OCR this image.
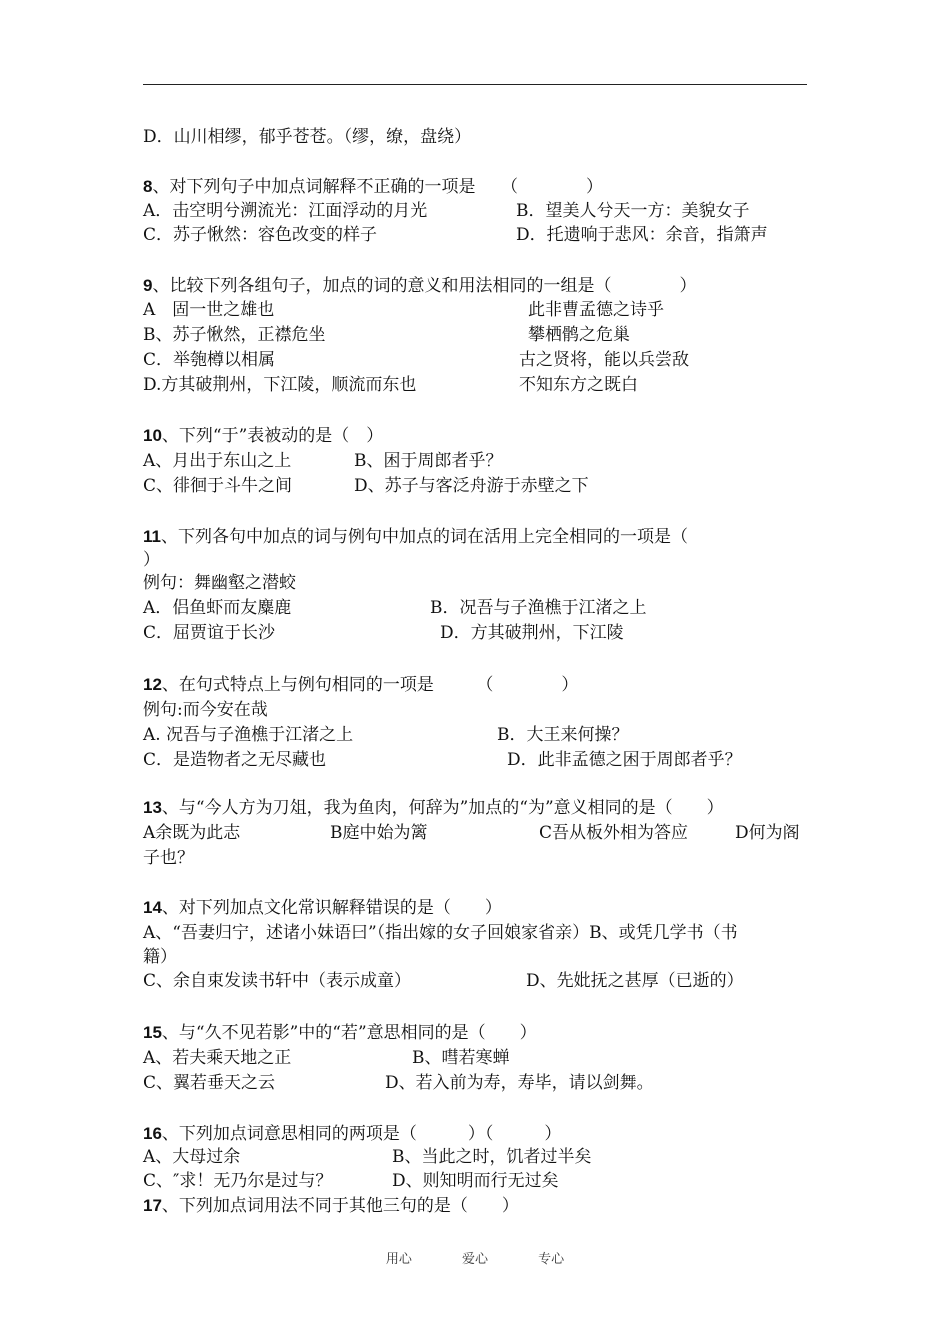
D．山川相缪，郁乎苍苍。（缪，缭，盘绕）
8、对下列句子中加点词解释不正确的一项是　　（　　　　）
A．击空明兮溯流光：江面浮动的月光	B．望美人兮天一方：美貌女子
C．苏子愀然：容色改变的样子	D．托遗响于悲风：余音，指箫声
9、比较下列各组句子，加点的词的意义和用法相同的一组是（　　　　）
A　固一世之雄也	此非曹孟德之诗乎
B、苏子愀然，正襟危坐	攀栖鹘之危巢
C．举匏樽以相属	古之贤将，能以兵尝敌
D.方其破荆州，下江陵，顺流而东也	不知东方之既白
10、下列“于”表被动的是（　）
A、月出于东山之上	B、困于周郎者乎？
C、徘徊于斗牛之间	D、苏子与客泛舟游于赤壁之下
11、下列各句中加点的词与例句中加点的词在活用上完全相同的一项是（
）
例句：舞幽壑之潜蛟
A．侣鱼虾而友麋鹿	B．况吾与子渔樵于江渚之上
C．屈贾谊于长沙	D．方其破荆州，下江陵
12、在句式特点上与例句相同的一项是　　　（　　　　）
例句:而今安在哉
A. 况吾与子渔樵于江渚之上	B．大王来何操？
C．是造物者之无尽藏也	D．此非孟德之困于周郎者乎？
13、与“今人方为刀俎，我为鱼肉，何辞为”加点的“为”意义相同的是（　　）
A余既为此志	B庭中始为篱	C吾从板外相为答应	D何为阁
子也？
14、对下列加点文化常识解释错误的是（　　）
A、“吾妻归宁，述诸小妹语曰”（指出嫁的女子回娘家省亲）B、或凭几学书（书
籍）
C、余自束发读书轩中（表示成童）	D、先妣抚之甚厚（已逝的）
15、与“久不见若影”中的“若”意思相同的是（　　）
A、若夫乘天地之正	B、嘒若寒蝉
C、翼若垂天之云	D、若入前为寿，寿毕，请以剑舞。
16、下列加点词意思相同的两项是（　　　）（　　　）
A、大母过余	B、当此之时，饥者过半矣
C、″求！无乃尔是过与？	D、则知明而行无过矣
17、下列加点词用法不同于其他三句的是（　　）
用心	爱心	专心
